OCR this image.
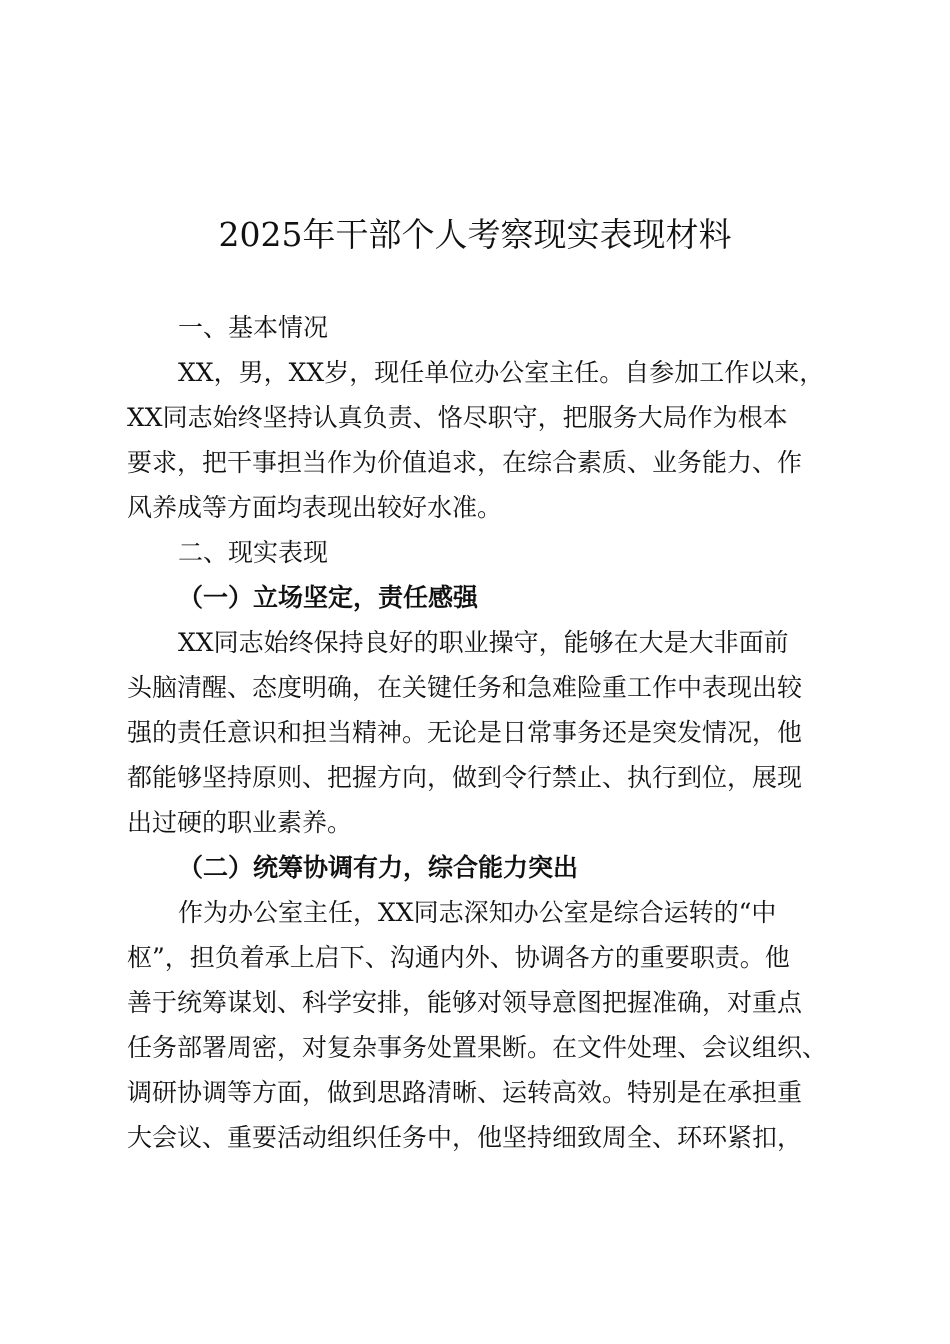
2025年干部个人考察现实表现材料
一、基本情况
XX，男，XX岁，现任单位办公室主任。自参加工作以来，
XX同志始终坚持认真负责、恪尽职守，把服务大局作为根本
要求，把干事担当作为价值追求，在综合素质、业务能力、作
风养成等方面均表现出较好水准。
二、现实表现
（一）立场坚定，责任感强
XX同志始终保持良好的职业操守，能够在大是大非面前
头脑清醒、态度明确，在关键任务和急难险重工作中表现出较
强的责任意识和担当精神。无论是日常事务还是突发情况，他
都能够坚持原则、把握方向，做到令行禁止、执行到位，展现
出过硬的职业素养。
（二）统筹协调有力，综合能力突出
作为办公室主任，XX同志深知办公室是综合运转的“中
枢”，担负着承上启下、沟通内外、协调各方的重要职责。他
善于统筹谋划、科学安排，能够对领导意图把握准确，对重点
任务部署周密，对复杂事务处置果断。在文件处理、会议组织、
调研协调等方面，做到思路清晰、运转高效。特别是在承担重
大会议、重要活动组织任务中，他坚持细致周全、环环紧扣，
